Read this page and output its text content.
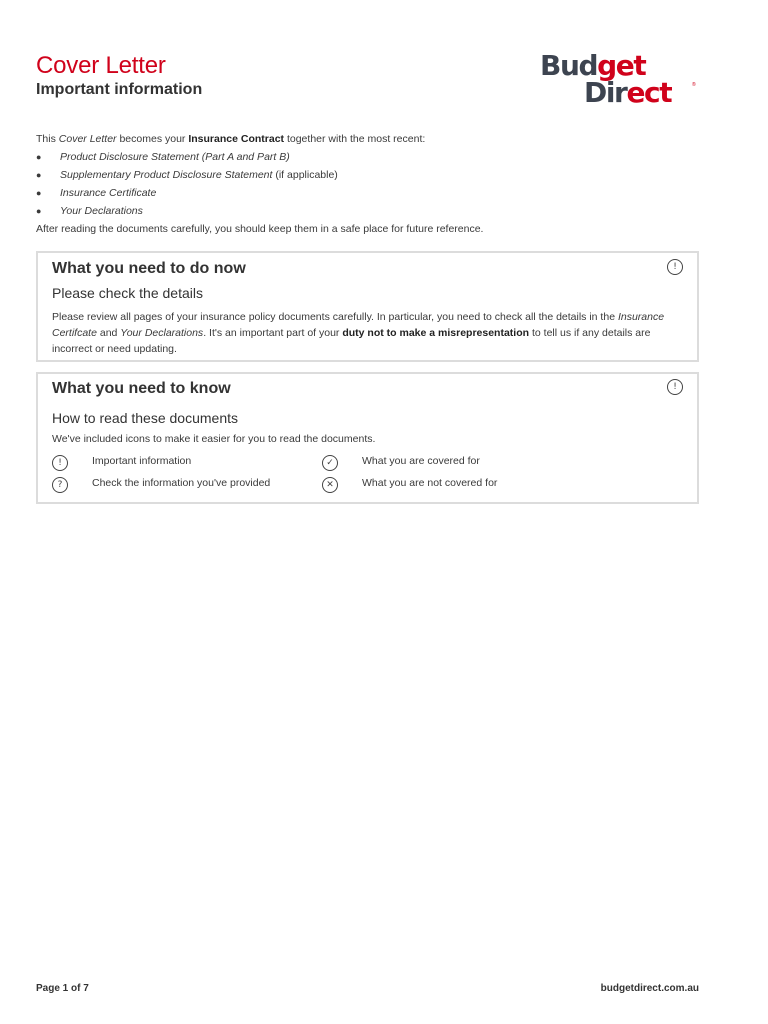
Cover Letter
Important information
Budget
Direct	®

This Cover Letter becomes your Insurance Contract together with the most recent:

● Product Disclosure Statement (Part A and Part B)
● Supplementary Product Disclosure Statement (if applicable)
● Insurance Certificate
● Your Declarations

After reading the documents carefully, you should keep them in a safe place for future reference.

What you need to do now
Please check the details
!

Please review all pages of your insurance policy documents carefully. In particular, you need to check all the details in the Insurance Certifcate and Your Declarations. It's an important part of your duty not to make a misrepresentation to tell us if any details are incorrect or need updating.

What you need to know
How to read these documents
!

We've included icons to make it easier for you to read the documents.

!	Important information
?	Check the information you've provided
✓	What you are covered for
✕	What you are not covered for
Page 1 of 7	budgetdirect.com.au
